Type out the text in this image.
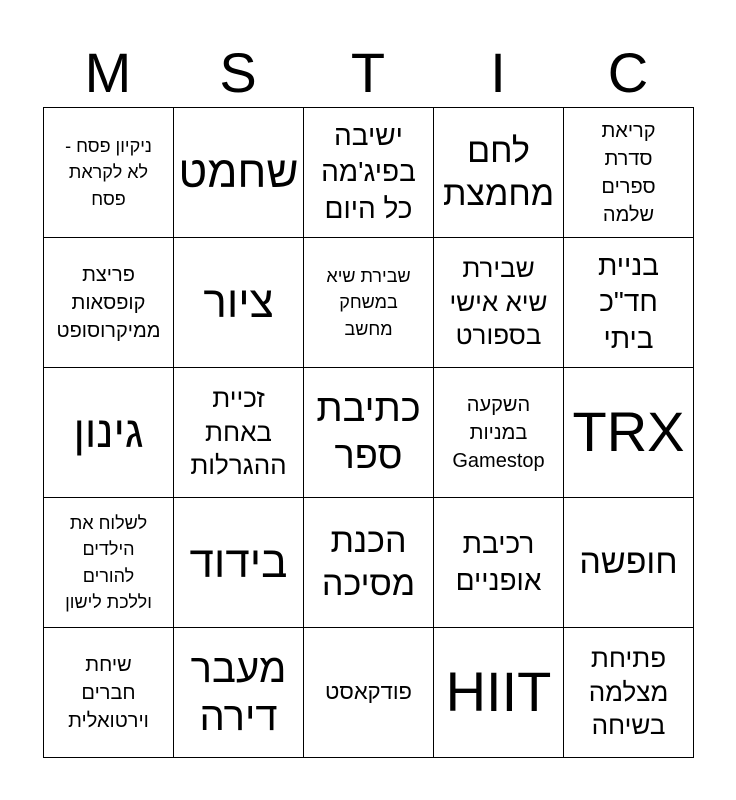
M	S	T	I	C
ניקיון פסח - לא לקראת פסח	שחמט	ישיבה בפיג'מה כל היום	לחם מחמצת	קריאת סדרת ספרים שלמה

פריצת קופסאות ממיקרוסופט	ציור	שבירת שיא במשחק מחשב	שבירת שיא אישי בספורט	בניית חד"כ ביתי

גינון	זכיית באחת ההגרלות	כתיבת ספר	השקעה במניות Gamestop	TRX

לשלוח את הילדים להורים וללכת לישון	בידוד	הכנת מסיכה	רכיבת אופניים	חופשה

שיחת חברים וירטואלית	מעבר דירה	פודקאסט	HIIT	פתיחת מצלמה בשיחה
